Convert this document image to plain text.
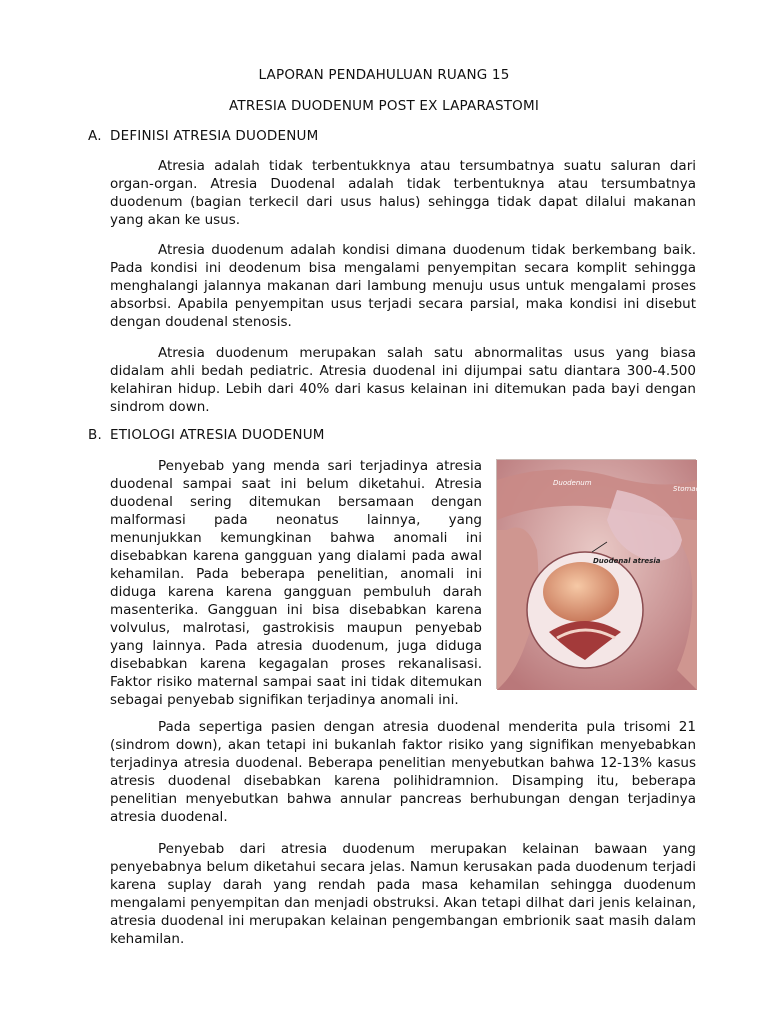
LAPORAN PENDAHULUAN RUANG 15
ATRESIA DUODENUM POST EX LAPARASTOMI
A. DEFINISI ATRESIA DUODENUM

Atresia adalah tidak terbentukknya atau tersumbatnya suatu saluran dari organ-organ. Atresia Duodenal adalah tidak terbentuknya atau tersumbatnya duodenum (bagian terkecil dari usus halus) sehingga tidak dapat dilalui makanan yang akan ke usus.

Atresia duodenum adalah kondisi dimana duodenum tidak berkembang baik. Pada kondisi ini deodenum bisa mengalami penyempitan secara komplit sehingga menghalangi jalannya makanan dari lambung menuju usus untuk mengalami proses absorbsi. Apabila penyempitan usus terjadi secara parsial, maka kondisi ini disebut dengan doudenal stenosis.

Atresia duodenum merupakan salah satu abnormalitas usus yang biasa didalam ahli bedah pediatric. Atresia duodenal ini dijumpai satu diantara 300-4.500 kelahiran hidup. Lebih dari 40% dari kasus kelainan ini ditemukan pada bayi dengan sindrom down.

B. ETIOLOGI ATRESIA DUODENUM
Duodenum
Stomach
Duodenal atresia
Penyebab yang menda sari terjadinya atresia duodenal sampai saat ini belum diketahui. Atresia duodenal sering ditemukan bersamaan dengan malformasi pada neonatus lainnya, yang menunjukkan kemungkinan bahwa anomali ini disebabkan karena gangguan yang dialami pada awal kehamilan. Pada beberapa penelitian, anomali ini diduga karena karena gangguan pembuluh darah masenterika. Gangguan ini bisa disebabkan karena volvulus, malrotasi, gastrokisis maupun penyebab yang lainnya. Pada atresia duodenum, juga diduga disebabkan karena kegagalan proses rekanalisasi. Faktor risiko maternal sampai saat ini tidak ditemukan sebagai penyebab signifikan terjadinya anomali ini.

Pada sepertiga pasien dengan atresia duodenal menderita pula trisomi 21 (sindrom down), akan tetapi ini bukanlah faktor risiko yang signifikan menyebabkan terjadinya atresia duodenal. Beberapa penelitian menyebutkan bahwa 12-13% kasus atresis duodenal disebabkan karena polihidramnion. Disamping itu, beberapa penelitian menyebutkan bahwa annular pancreas berhubungan dengan terjadinya atresia duodenal.

Penyebab dari atresia duodenum merupakan kelainan bawaan yang penyebabnya belum diketahui secara jelas. Namun kerusakan pada duodenum terjadi karena suplay darah yang rendah pada masa kehamilan sehingga duodenum mengalami penyempitan dan menjadi obstruksi. Akan tetapi dilhat dari jenis kelainan, atresia duodenal ini merupakan kelainan pengembangan embrionik saat masih dalam kehamilan.
